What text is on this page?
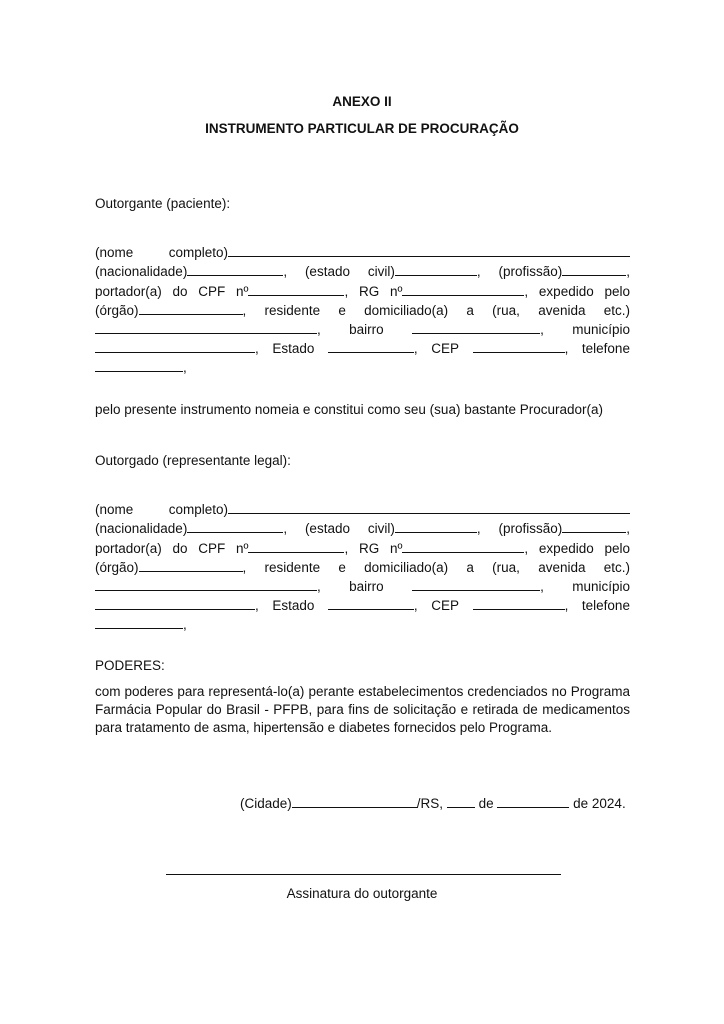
ANEXO II
INSTRUMENTO PARTICULAR DE PROCURAÇÃO
Outorgante (paciente):
(nome	completo)
(nacionalidade)	, (estado civil)	, (profissão)	,
portador(a) do CPF nº	, RG nº	, expedido pelo
(órgão)	, residente e domiciliado(a) a (rua, avenida etc.)
, bairro	, município
, Estado	, CEP	, telefone
,
pelo presente instrumento nomeia e constitui como seu (sua) bastante Procurador(a)
Outorgado (representante legal):
(nome	completo)
(nacionalidade)	, (estado civil)	, (profissão)	,
portador(a) do CPF nº	, RG nº	, expedido pelo
(órgão)	, residente e domiciliado(a) a (rua, avenida etc.)
, bairro	, município
, Estado	, CEP	, telefone
,
PODERES:
com poderes para representá-lo(a) perante estabelecimentos credenciados no Programa
Farmácia Popular do Brasil - PFPB, para fins de solicitação e retirada de medicamentos
para tratamento de asma, hipertensão e diabetes fornecidos pelo Programa.
(Cidade)	/RS,	de	de 2024.
Assinatura do outorgante
